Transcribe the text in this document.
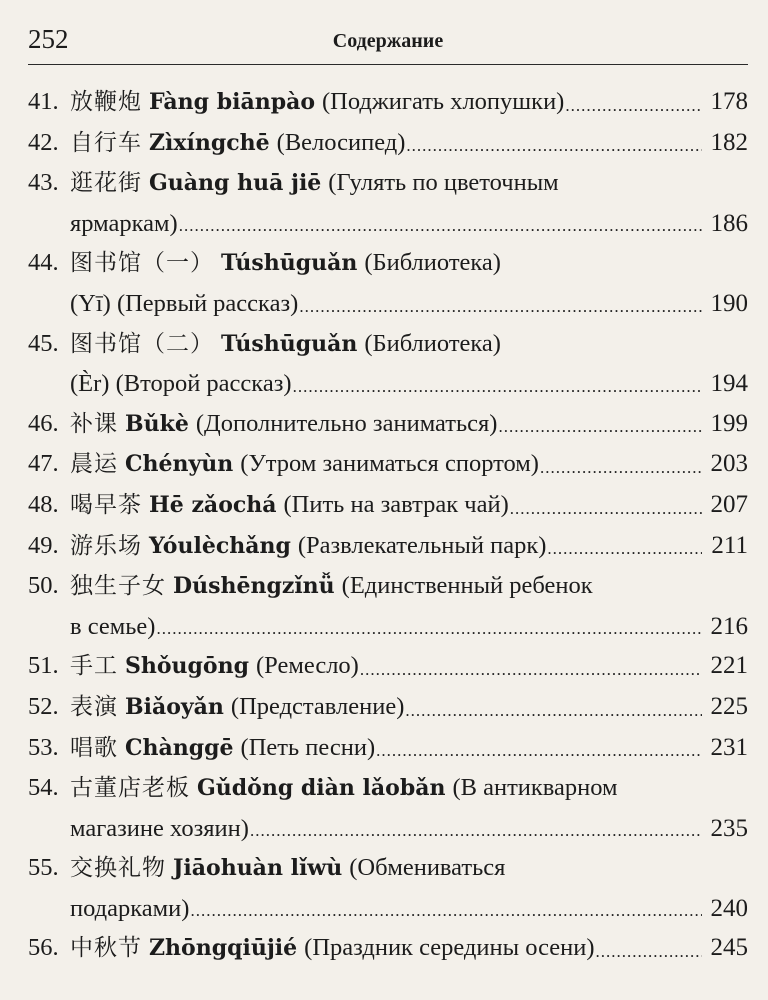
252	Содержание
41. 放鞭炮 Fàng biānpào (Поджигать хлопушки) .....	178
42. 自行车 Zìxíngchē (Велосипед) .....	182
43. 逛花街 Guàng huā jiē (Гулять по цветочным
ярмаркам) .....	186
44. 图书馆（一） Túshūguǎn (Библиотека)
(Yī) (Первый рассказ) .....	190
45. 图书馆（二） Túshūguǎn (Библиотека)
(Èr) (Второй рассказ) .....	194
46. 补课 Bǔkè (Дополнительно заниматься) .....	199
47. 晨运 Chényùn (Утром заниматься спортом) .....	203
48. 喝早茶 Hē zǎochá (Пить на завтрак чай) .....	207
49. 游乐场 Yóulèchǎng (Развлекательный парк) .....	211
50. 独生子女 Dúshēngzǐnǚ (Единственный ребенок
в семье) .....	216
51. 手工 Shǒugōng (Ремесло) .....	221
52. 表演 Biǎoyǎn (Представление) .....	225
53. 唱歌 Chànggē (Петь песни) .....	231
54. 古董店老板 Gǔdǒng diàn lǎobǎn (В антикварном
магазине хозяин) .....	235
55. 交换礼物 Jiāohuàn lǐwù (Обмениваться
подарками) .....	240
56. 中秋节 Zhōngqiūjié (Праздник середины осени) .....	245
